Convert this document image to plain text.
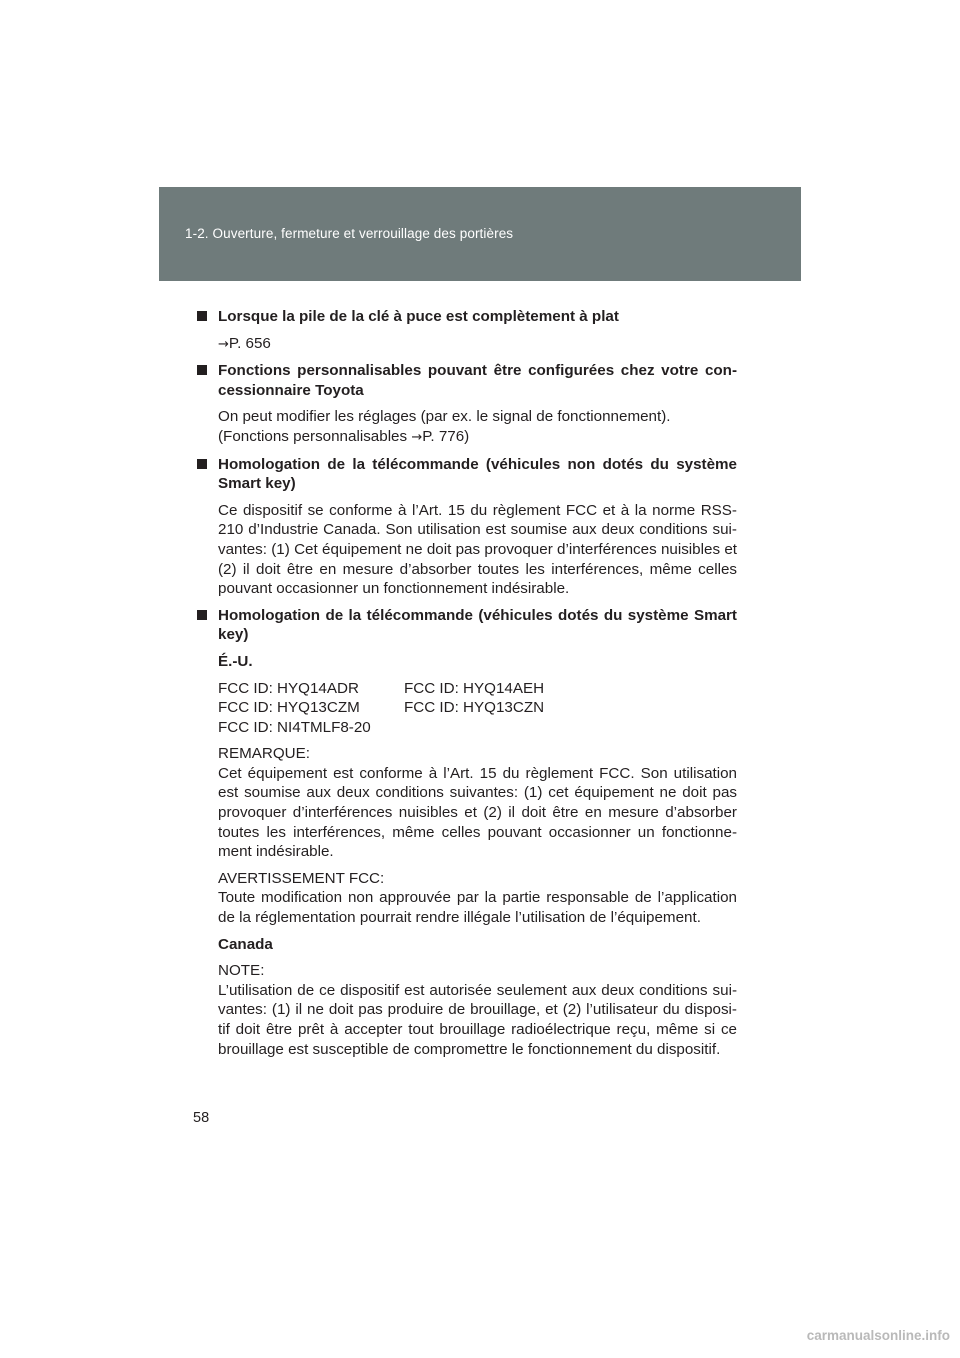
1-2. Ouverture, fermeture et verrouillage des portières
Lorsque la pile de la clé à puce est complètement à plat
→P. 656
Fonctions personnalisables pouvant être configurées chez votre con-cessionnaire Toyota
On peut modifier les réglages (par ex. le signal de fonctionnement).
(Fonctions personnalisables →P. 776)
Homologation de la télécommande (véhicules non dotés du système Smart key)
Ce dispositif se conforme à l’Art. 15 du règlement FCC et à la norme RSS-210 d’Industrie Canada. Son utilisation est soumise aux deux conditions sui-vantes: (1) Cet équipement ne doit pas provoquer d’interférences nuisibles et (2) il doit être en mesure d’absorber toutes les interférences, même celles pouvant occasionner un fonctionnement indésirable.
Homologation de la télécommande (véhicules dotés du système Smart key)
É.-U.
FCC ID: HYQ14ADR	FCC ID: HYQ14AEH
FCC ID: HYQ13CZM	FCC ID: HYQ13CZN
FCC ID: NI4TMLF8-20
REMARQUE:
Cet équipement est conforme à l’Art. 15 du règlement FCC. Son utilisation est soumise aux deux conditions suivantes: (1) cet équipement ne doit pas provoquer d’interférences nuisibles et (2) il doit être en mesure d’absorber toutes les interférences, même celles pouvant occasionner un fonctionne-ment indésirable.
AVERTISSEMENT FCC:
Toute modification non approuvée par la partie responsable de l’application de la réglementation pourrait rendre illégale l’utilisation de l’équipement.
Canada
NOTE:
L’utilisation de ce dispositif est autorisée seulement aux deux conditions sui-vantes: (1) il ne doit pas produire de brouillage, et (2) l’utilisateur du disposi-tif doit être prêt à accepter tout brouillage radioélectrique reçu, même si ce brouillage est susceptible de compromettre le fonctionnement du dispositif.
58
carmanualsonline.info
